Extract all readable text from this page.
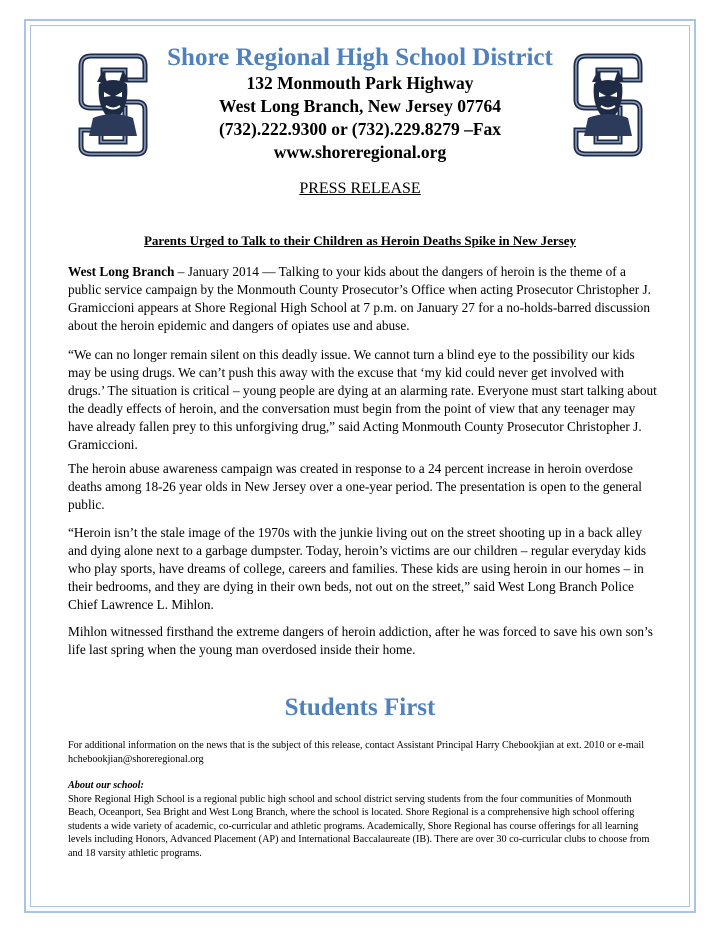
Shore Regional High School District

132 Monmouth Park Highway

West Long Branch, New Jersey 07764

(732).222.9300 or (732).229.8279 –Fax

www.shoreregional.org

PRESS RELEASE
Parents Urged to Talk to their Children as Heroin Deaths Spike in New Jersey

West Long Branch – January 2014 — Talking to your kids about the dangers of heroin is the theme of a public service campaign by the Monmouth County Prosecutor’s Office when acting Prosecutor Christopher J. Gramiccioni appears at Shore Regional High School at 7 p.m. on January 27 for a no-holds-barred discussion about the heroin epidemic and dangers of opiates use and abuse.

“We can no longer remain silent on this deadly issue. We cannot turn a blind eye to the possibility our kids may be using drugs. We can’t push this away with the excuse that ‘my kid could never get involved with drugs.’ The situation is critical – young people are dying at an alarming rate. Everyone must start talking about the deadly effects of heroin, and the conversation must begin from the point of view that any teenager may have already fallen prey to this unforgiving drug,” said Acting Monmouth County Prosecutor Christopher J. Gramiccioni.

The heroin abuse awareness campaign was created in response to a 24 percent increase in heroin overdose deaths among 18-26 year olds in New Jersey over a one-year period. The presentation is open to the general public.

“Heroin isn’t the stale image of the 1970s with the junkie living out on the street shooting up in a back alley and dying alone next to a garbage dumpster. Today, heroin’s victims are our children – regular everyday kids who play sports, have dreams of college, careers and families. These kids are using heroin in our homes – in their bedrooms, and they are dying in their own beds, not out on the street,” said West Long Branch Police Chief Lawrence L. Mihlon.

Mihlon witnessed firsthand the extreme dangers of heroin addiction, after he was forced to save his own son’s life last spring when the young man overdosed inside their home.

Students First

For additional information on the news that is the subject of this release, contact Assistant Principal Harry Chebookjian at ext. 2010 or e-mail hchebookjian@shoreregional.org

About our school:

Shore Regional High School is a regional public high school and school district serving students from the four communities of Monmouth Beach, Oceanport, Sea Bright and West Long Branch, where the school is located. Shore Regional is a comprehensive high school offering students a wide variety of academic, co-curricular and athletic programs. Academically, Shore Regional has course offerings for all learning levels including Honors, Advanced Placement (AP) and International Baccalaureate (IB). There are over 30 co-curricular clubs to choose from and 18 varsity athletic programs.
